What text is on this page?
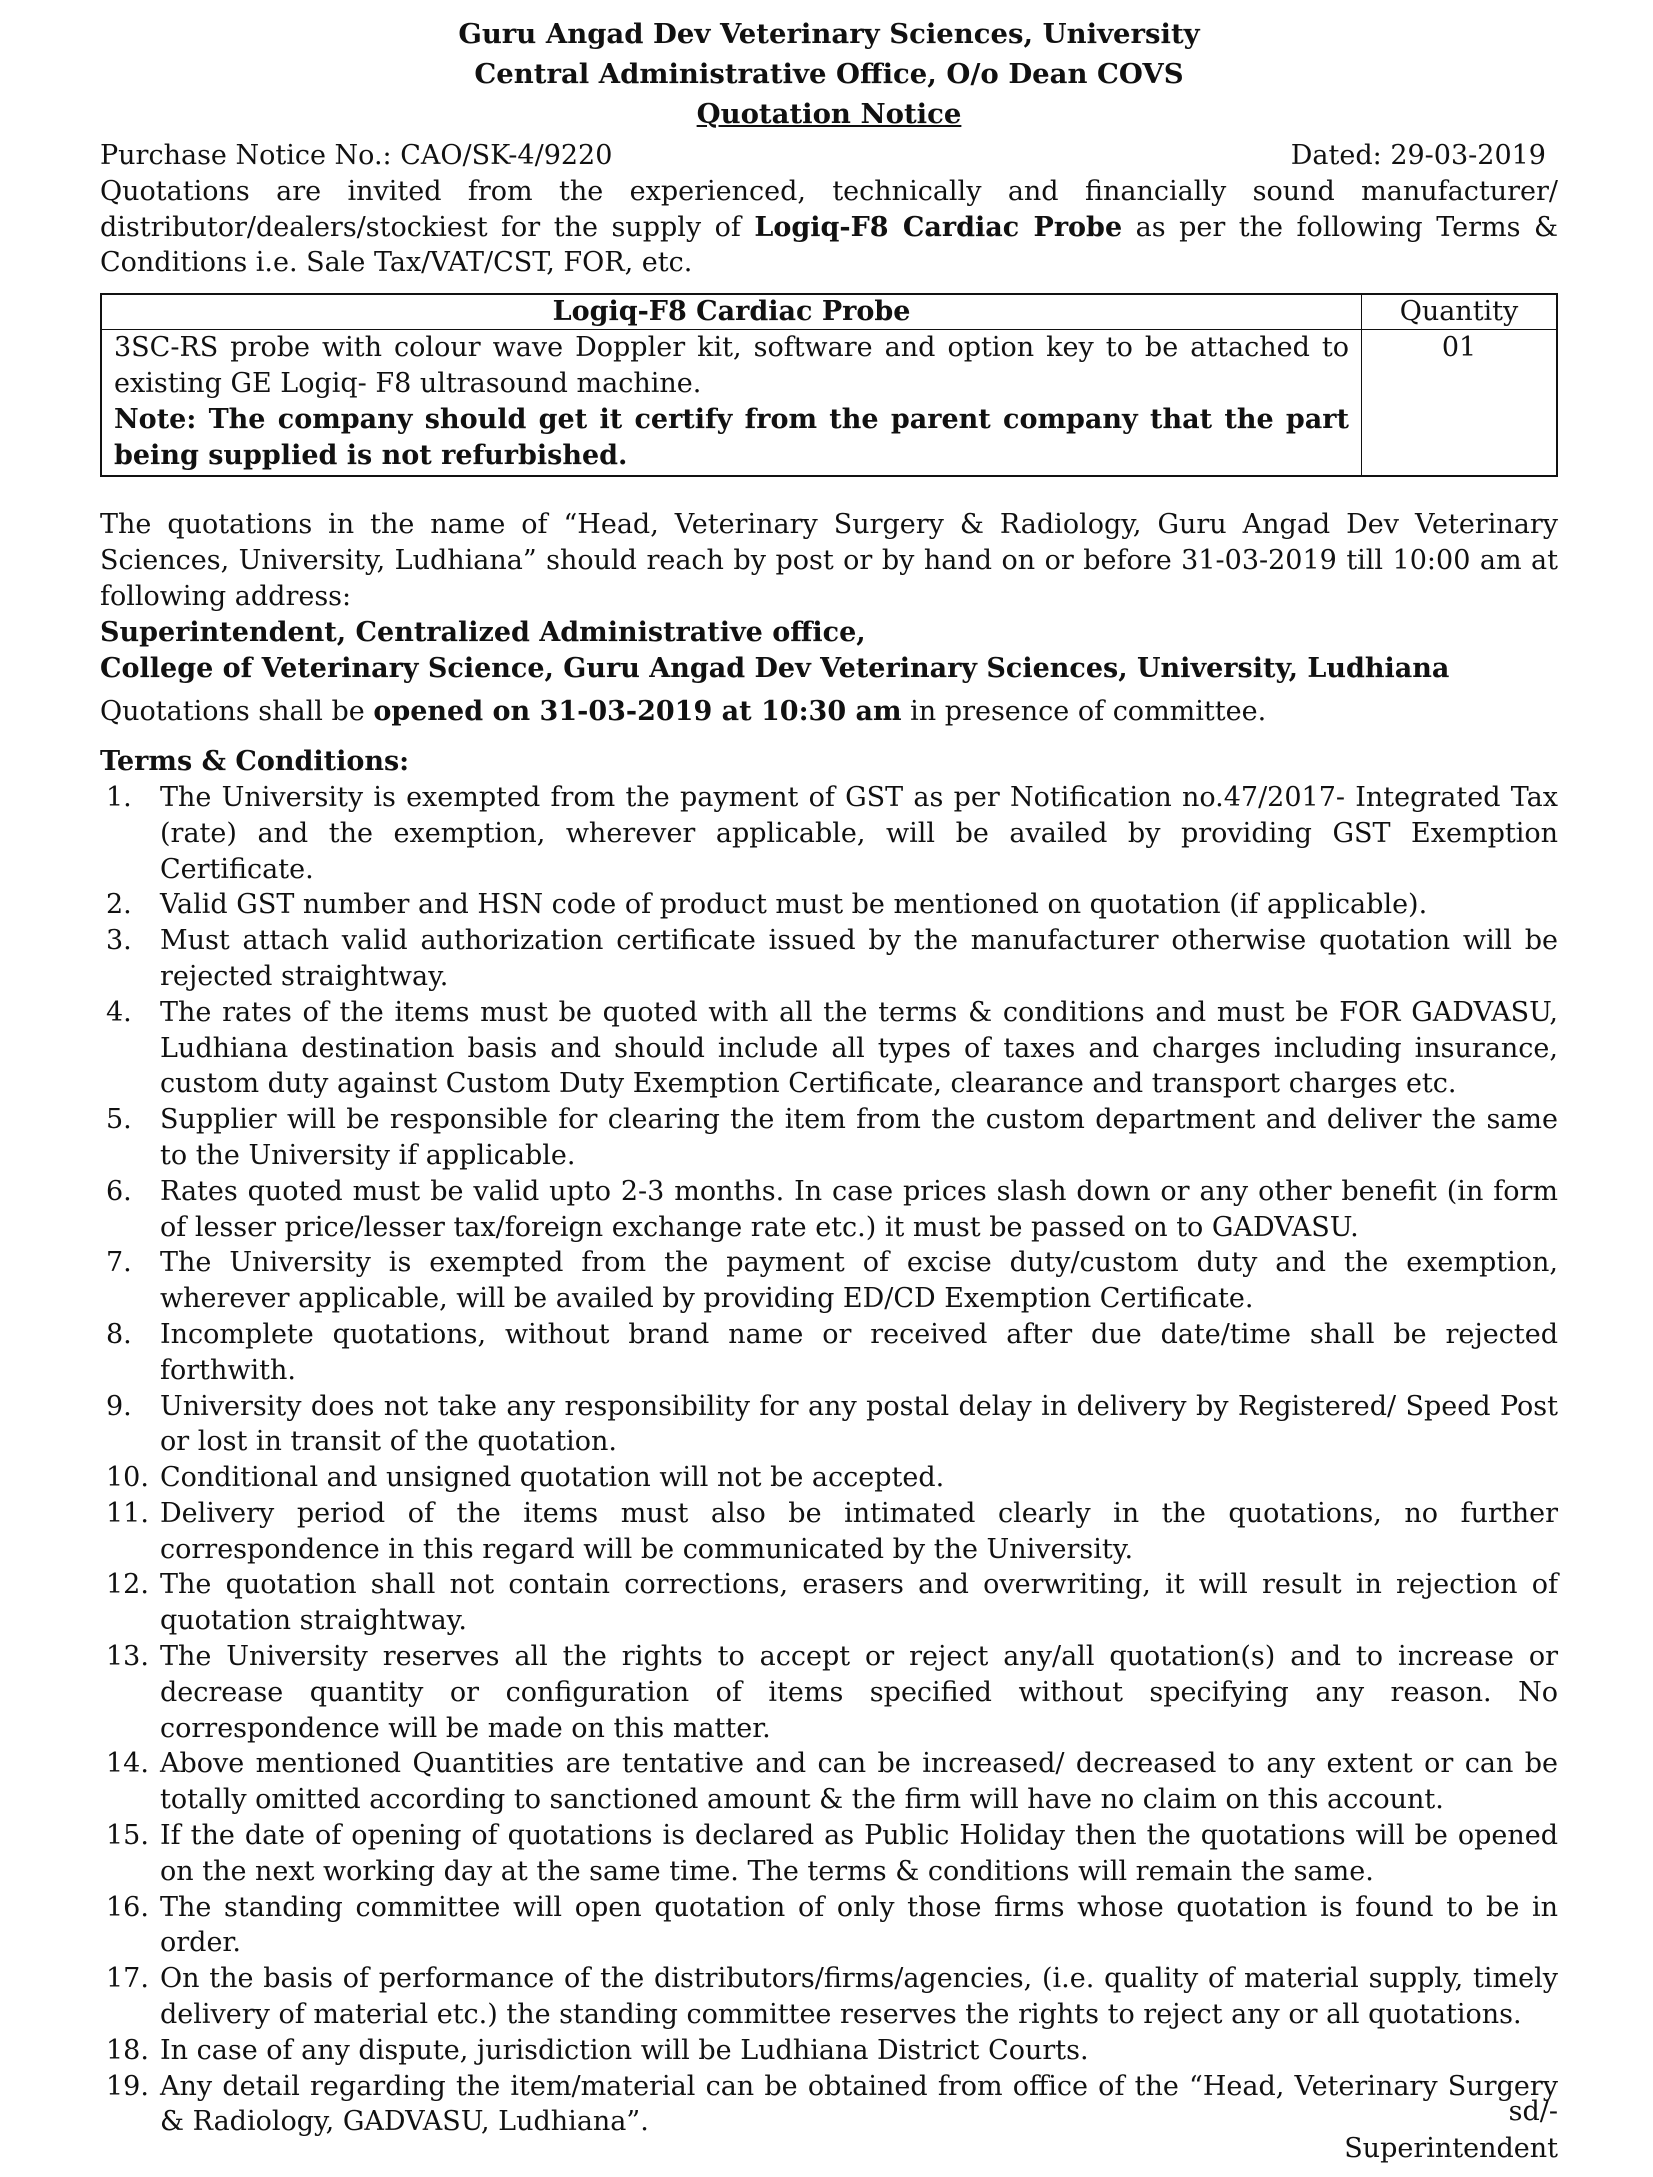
Guru Angad Dev Veterinary Sciences, University
Central Administrative Office, O/o Dean COVS
Quotation Notice
Purchase Notice No.: CAO/SK-4/9220	Dated: 29-03-2019
Quotations are invited from the experienced, technically and financially sound manufacturer/ distributor/dealers/stockiest for the supply of Logiq-F8 Cardiac Probe as per the following Terms & Conditions i.e. Sale Tax/VAT/CST, FOR, etc.
Logiq-F8 Cardiac Probe	Quantity

3SC-RS probe with colour wave Doppler kit, software and option key to be attached to existing GE Logiq- F8 ultrasound machine.
Note: The company should get it certify from the parent company that the part being supplied is not refurbished.	01
The quotations in the name of “Head, Veterinary Surgery & Radiology, Guru Angad Dev Veterinary Sciences, University, Ludhiana” should reach by post or by hand on or before 31-03-2019 till 10:00 am at following address:
Superintendent, Centralized Administrative office,
College of Veterinary Science, Guru Angad Dev Veterinary Sciences, University, Ludhiana
Quotations shall be opened on 31-03-2019 at 10:30 am in presence of committee.
Terms & Conditions:
1.	The University is exempted from the payment of GST as per Notification no.47/2017- Integrated Tax (rate) and the exemption, wherever applicable, will be availed by providing GST Exemption Certificate.
2.	Valid GST number and HSN code of product must be mentioned on quotation (if applicable).
3.	Must attach valid authorization certificate issued by the manufacturer otherwise quotation will be rejected straightway.
4.	The rates of the items must be quoted with all the terms & conditions and must be FOR GADVASU, Ludhiana destination basis and should include all types of taxes and charges including insurance, custom duty against Custom Duty Exemption Certificate, clearance and transport charges etc.
5.	Supplier will be responsible for clearing the item from the custom department and deliver the same to the University if applicable.
6.	Rates quoted must be valid upto 2-3 months. In case prices slash down or any other benefit (in form of lesser price/lesser tax/foreign exchange rate etc.) it must be passed on to GADVASU.
7.	The University is exempted from the payment of excise duty/custom duty and the exemption, wherever applicable, will be availed by providing ED/CD Exemption Certificate.
8.	Incomplete quotations, without brand name or received after due date/time shall be rejected forthwith.
9.	University does not take any responsibility for any postal delay in delivery by Registered/ Speed Post or lost in transit of the quotation.
10. Conditional and unsigned quotation will not be accepted.
11. Delivery period of the items must also be intimated clearly in the quotations, no further correspondence in this regard will be communicated by the University.
12. The quotation shall not contain corrections, erasers and overwriting, it will result in rejection of quotation straightway.
13. The University reserves all the rights to accept or reject any/all quotation(s) and to increase or decrease quantity or configuration of items specified without specifying any reason. No correspondence will be made on this matter.
14. Above mentioned Quantities are tentative and can be increased/ decreased to any extent or can be totally omitted according to sanctioned amount & the firm will have no claim on this account.
15. If the date of opening of quotations is declared as Public Holiday then the quotations will be opened on the next working day at the same time. The terms & conditions will remain the same.
16. The standing committee will open quotation of only those firms whose quotation is found to be in order.
17. On the basis of performance of the distributors/firms/agencies, (i.e. quality of material supply, timely delivery of material etc.) the standing committee reserves the rights to reject any or all quotations.
18. In case of any dispute, jurisdiction will be Ludhiana District Courts.
19. Any detail regarding the item/material can be obtained from office of the “Head, Veterinary Surgery & Radiology, GADVASU, Ludhiana”.	sd/-
Superintendent
